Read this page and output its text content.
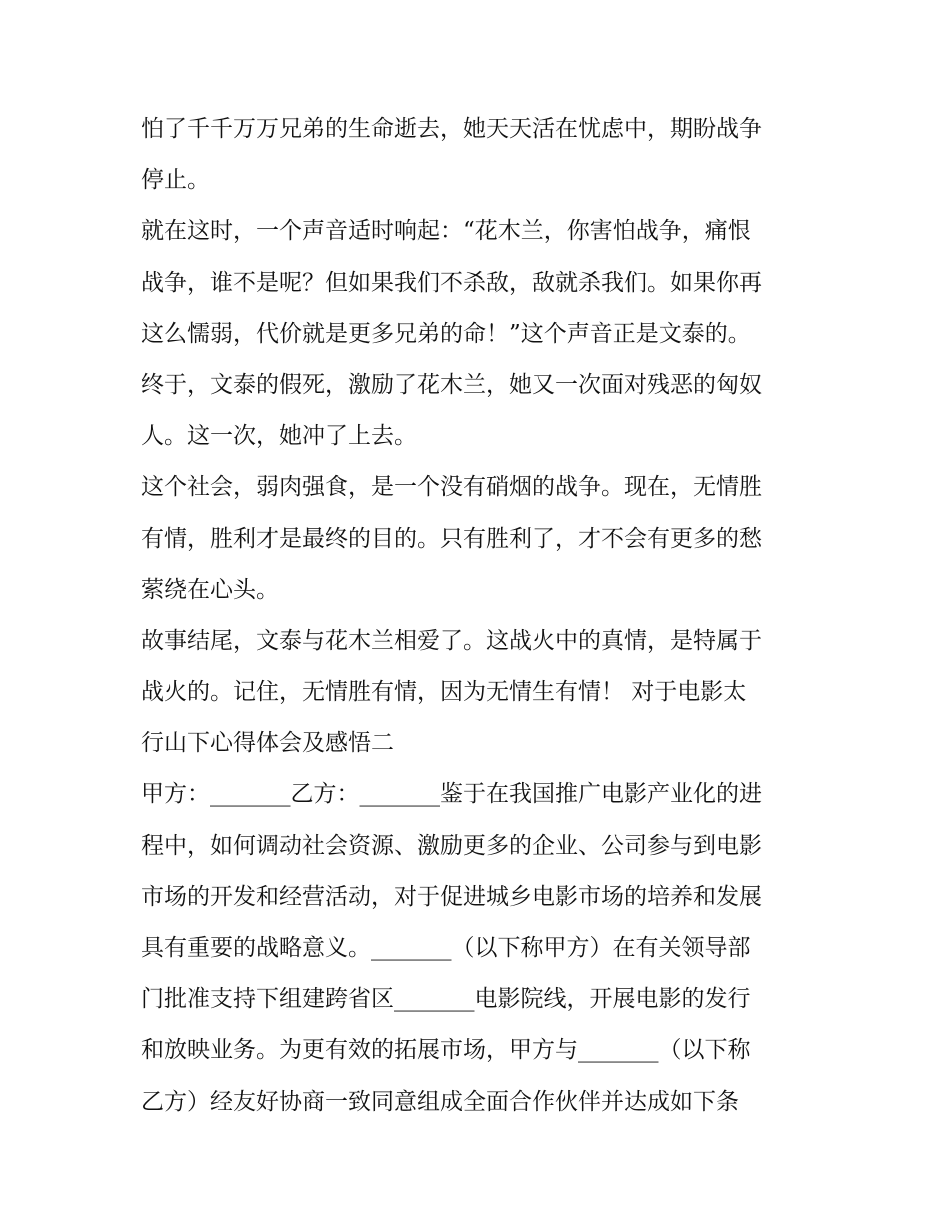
怕了千千万万兄弟的生命逝去，她天天活在忧虑中，期盼战争
停止。
就在这时，一个声音适时响起：“花木兰，你害怕战争，痛恨
战争，谁不是呢？但如果我们不杀敌，敌就杀我们。如果你再
这么懦弱，代价就是更多兄弟的命！”这个声音正是文泰的。
终于，文泰的假死，激励了花木兰，她又一次面对残恶的匈奴
人。这一次，她冲了上去。
这个社会，弱肉强食，是一个没有硝烟的战争。现在，无情胜
有情，胜利才是最终的目的。只有胜利了，才不会有更多的愁
萦绕在心头。
故事结尾，文泰与花木兰相爱了。这战火中的真情，是特属于
战火的。记住，无情胜有情，因为无情生有情！ 对于电影太
行山下心得体会及感悟二
甲方：_______乙方：_______鉴于在我国推广电影产业化的进
程中，如何调动社会资源、激励更多的企业、公司参与到电影
市场的开发和经营活动，对于促进城乡电影市场的培养和发展
具有重要的战略意义。_______（以下称甲方）在有关领导部
门批准支持下组建跨省区_______电影院线，开展电影的发行
和放映业务。为更有效的拓展市场，甲方与_______（以下称
乙方）经友好协商一致同意组成全面合作伙伴并达成如下条
